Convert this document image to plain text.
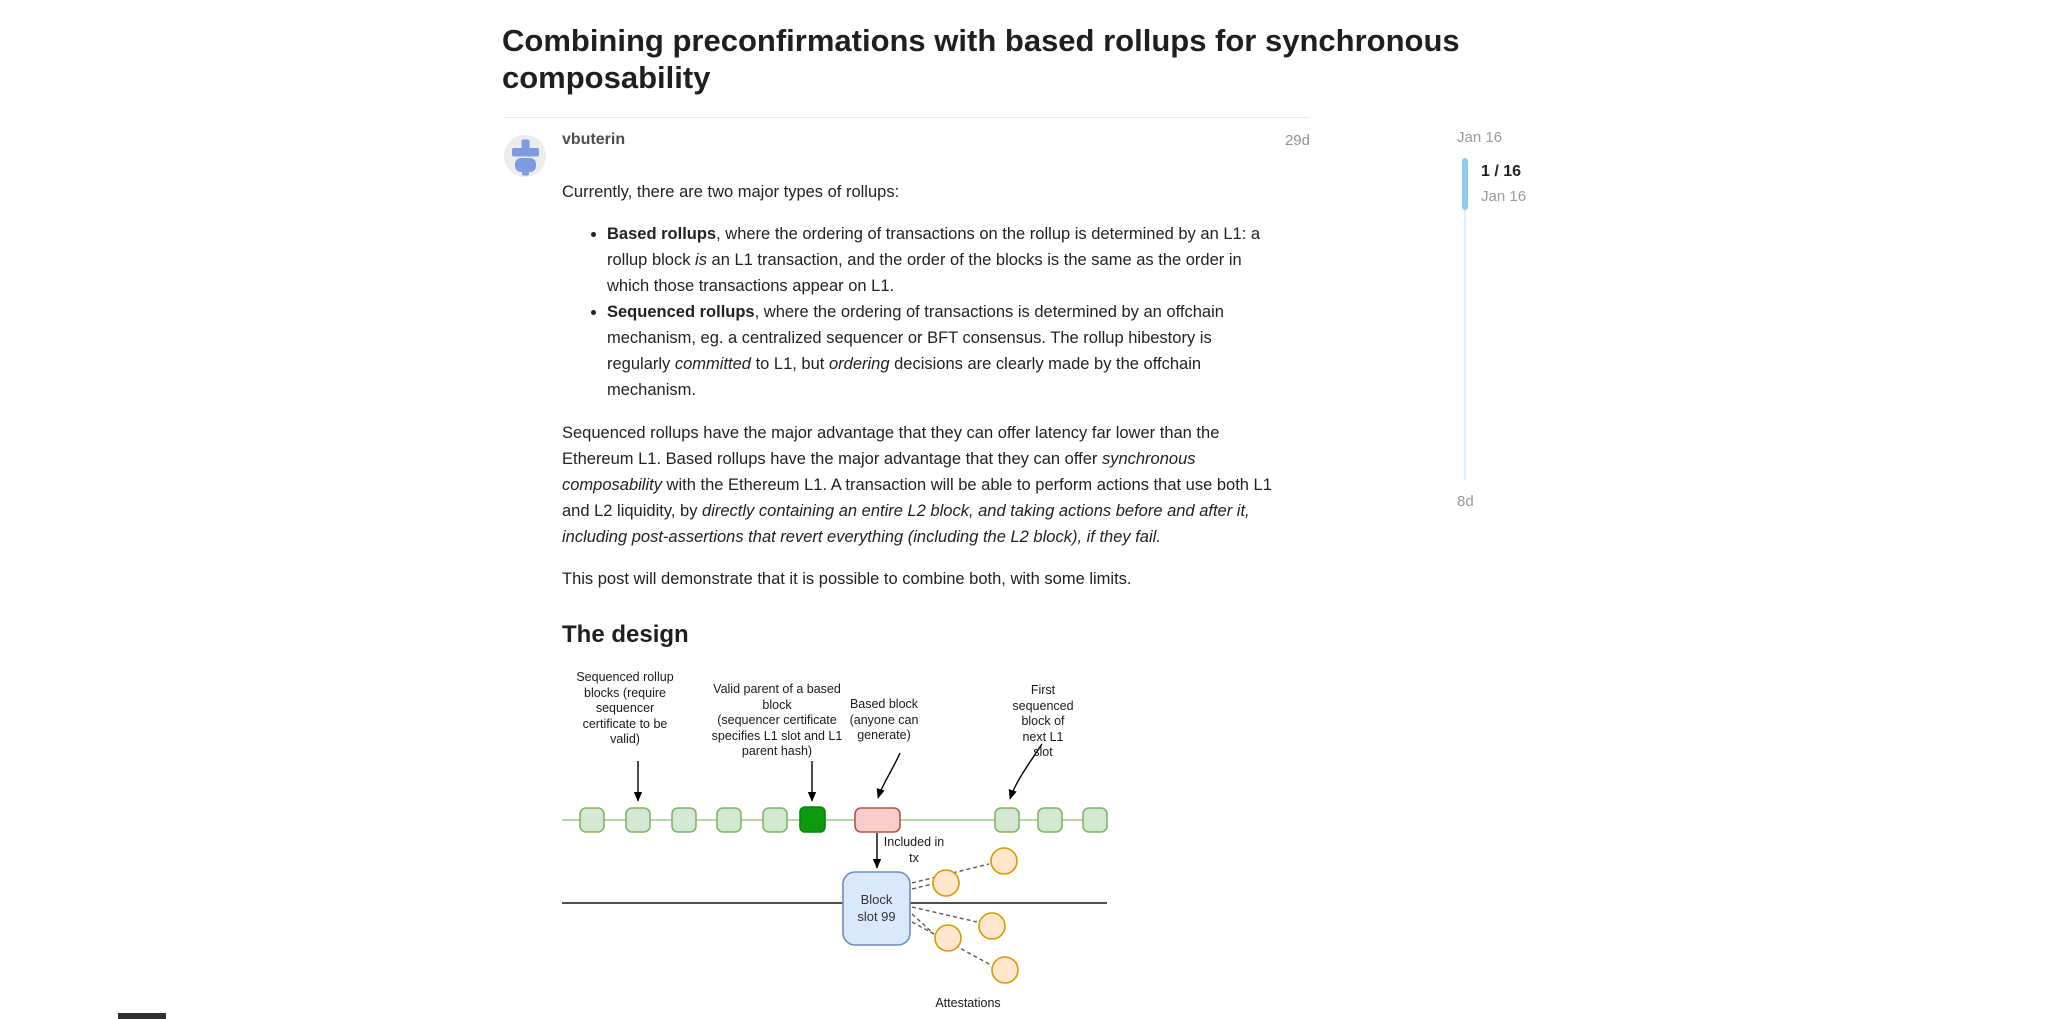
Combining preconfirmations with based rollups for synchronous
composability
vbuterin	29d

Currently, there are two major types of rollups:

• Based rollups, where the ordering of transactions on the rollup is determined by an L1: a
rollup block is an L1 transaction, and the order of the blocks is the same as the order in
which those transactions appear on L1.
• Sequenced rollups, where the ordering of transactions is determined by an offchain
mechanism, eg. a centralized sequencer or BFT consensus. The rollup hibestory is
regularly committed to L1, but ordering decisions are clearly made by the offchain
mechanism.

Sequenced rollups have the major advantage that they can offer latency far lower than the
Ethereum L1. Based rollups have the major advantage that they can offer synchronous
composability with the Ethereum L1. A transaction will be able to perform actions that use both L1
and L2 liquidity, by directly containing an entire L2 block, and taking actions before and after it,
including post-assertions that revert everything (including the L2 block), if they fail.

This post will demonstrate that it is possible to combine both, with some limits.

The design
Sequenced rollup
blocks (require
sequencer
certificate to be
valid)
Valid parent of a based
block
(sequencer certificate
specifies L1 slot and L1
parent hash)
Based block
(anyone can
generate)
First
sequenced
block of
next L1
slot
Included in
tx
Block
slot 99
Attestations
Jan 16
1 / 16
Jan 16
8d
